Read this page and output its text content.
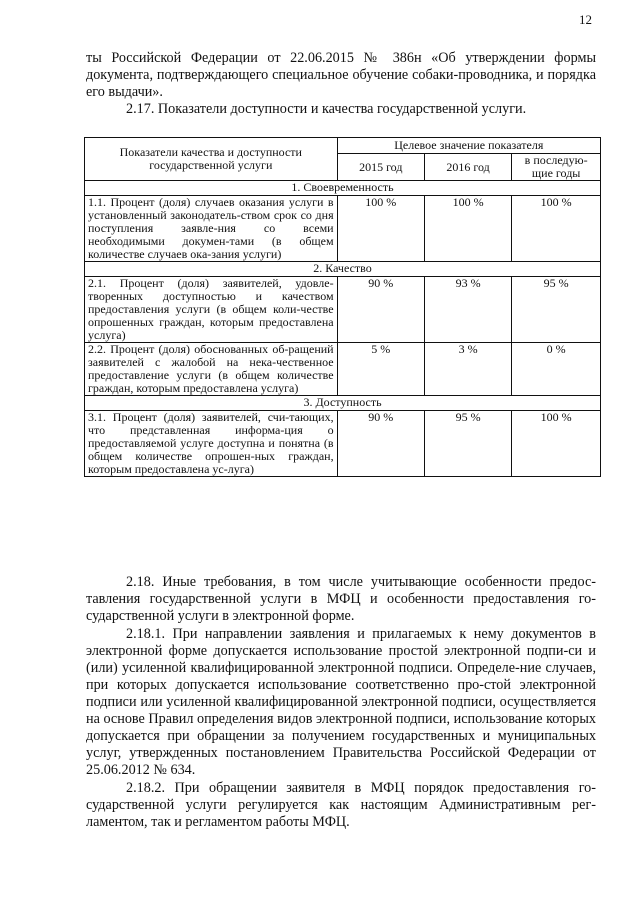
12

ты Российской Федерации от 22.06.2015 № 386н «Об утверждении формы документа, подтверждающего специальное обучение собаки-проводника, и порядка его выдачи».

2.17. Показатели доступности и качества государственной услуги.

Показатели качества и доступности государственной услуги	Целевое значение показателя		
	2015 год	2016 год	в последую-щие годы
1. Своевременность			
1.1. Процент (доля) случаев оказания услуги в установленный законодатель-ством срок со дня поступления заявле-ния со всеми необходимыми докумен-тами (в общем количестве случаев ока-зания услуги)	100 %	100 %	100 %
2. Качество			
2.1. Процент (доля) заявителей, удовле-творенных доступностью и качеством предоставления услуги (в общем коли-честве опрошенных граждан, которым предоставлена услуга)	90 %	93 %	95 %
2.2. Процент (доля) обоснованных об-ращений заявителей с жалобой на нека-чественное предоставление услуги (в общем количестве граждан, которым предоставлена услуга)	5 %	3 %	0 %
3. Доступность			
3.1. Процент (доля) заявителей, счи-тающих, что представленная информа-ция о предоставляемой услуге доступна и понятна (в общем количестве опрошен-ных граждан, которым предоставлена ус-луга)	90 %	95 %	100 %

2.18. Иные требования, в том числе учитывающие особенности предос-тавления государственной услуги в МФЦ и особенности предоставления го-сударственной услуги в электронной форме.

2.18.1. При направлении заявления и прилагаемых к нему документов в электронной форме допускается использование простой электронной подпи-си и (или) усиленной квалифицированной электронной подписи. Определе-ние случаев, при которых допускается использование соответственно про-стой электронной подписи или усиленной квалифицированной электронной подписи, осуществляется на основе Правил определения видов электронной подписи, использование которых допускается при обращении за получением государственных и муниципальных услуг, утвержденных постановлением Правительства Российской Федерации от 25.06.2012 № 634.

2.18.2. При обращении заявителя в МФЦ порядок предоставления го-сударственной услуги регулируется как настоящим Административным рег-ламентом, так и регламентом работы МФЦ.
